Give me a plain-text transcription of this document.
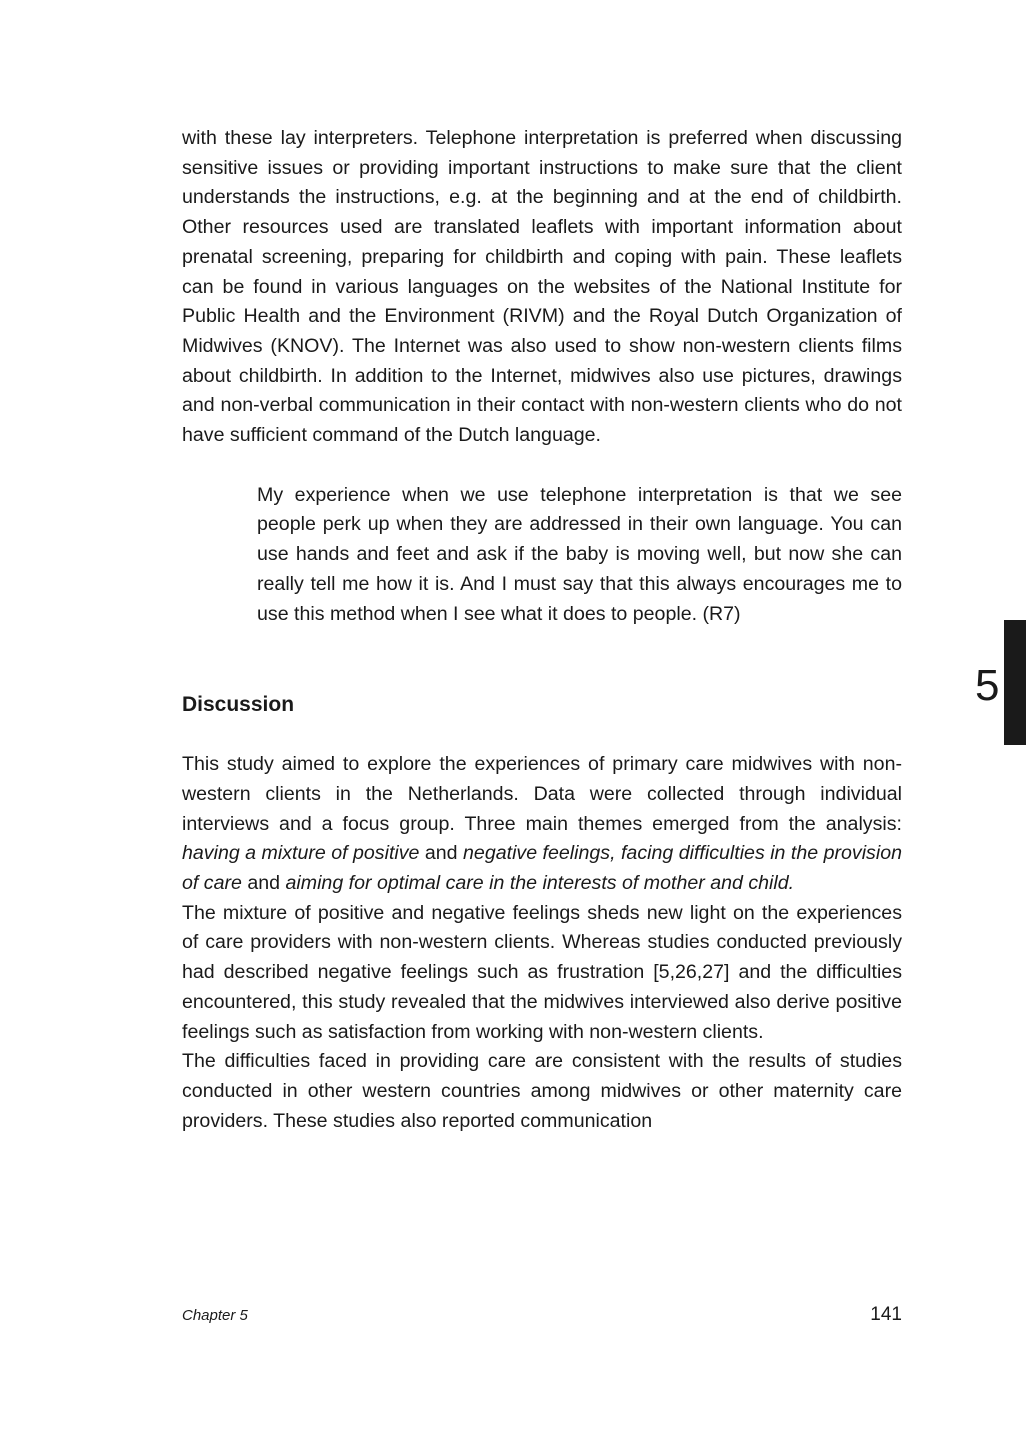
with these lay interpreters. Telephone interpretation is preferred when discussing sensitive issues or providing important instructions to make sure that the client understands the instructions, e.g. at the beginning and at the end of childbirth. Other resources used are translated leaflets with important information about prenatal screening, preparing for childbirth and coping with pain. These leaflets can be found in various languages on the websites of the National Institute for Public Health and the Environment (RIVM) and the Royal Dutch Organization of Midwives (KNOV). The Internet was also used to show non-western clients films about childbirth. In addition to the Internet, midwives also use pictures, drawings and non-verbal communication in their contact with non-western clients who do not have sufficient command of the Dutch language.

My experience when we use telephone interpretation is that we see people perk up when they are addressed in their own language. You can use hands and feet and ask if the baby is moving well, but now she can really tell me how it is. And I must say that this always encourages me to use this method when I see what it does to people. (R7)

Discussion

This study aimed to explore the experiences of primary care midwives with non-western clients in the Netherlands. Data were collected through individual interviews and a focus group. Three main themes emerged from the analysis: having a mixture of positive and negative feelings, facing difficulties in the provision of care and aiming for optimal care in the interests of mother and child.

The mixture of positive and negative feelings sheds new light on the experiences of care providers with non-western clients. Whereas studies conducted previously had described negative feelings such as frustration [5,26,27] and the difficulties encountered, this study revealed that the midwives interviewed also derive positive feelings such as satisfaction from working with non-western clients.

The difficulties faced in providing care are consistent with the results of studies conducted in other western countries among midwives or other maternity care providers. These studies also reported communication

5
Chapter 5	141
